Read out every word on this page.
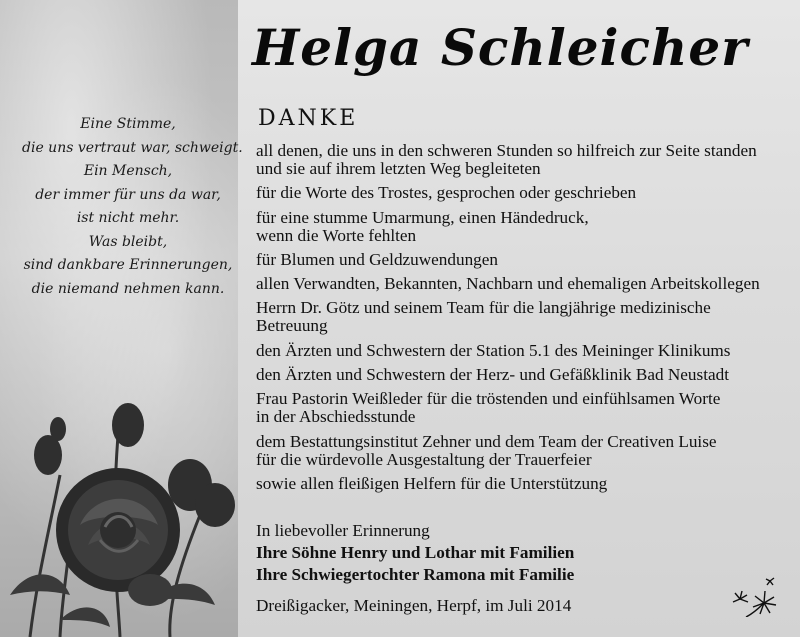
Eine Stimme,
die uns vertraut war, schweigt.
Ein Mensch,
der immer für uns da war,
ist nicht mehr.
Was bleibt,
sind dankbare Erinnerungen,
die niemand nehmen kann.
Helga Schleicher
DANKE
all denen, die uns in den schweren Stunden so hilfreich zur Seite standen
und sie auf ihrem letzten Weg begleiteten
für die Worte des Trostes, gesprochen oder geschrieben
für eine stumme Umarmung, einen Händedruck,
wenn die Worte fehlten
für Blumen und Geldzuwendungen
allen Verwandten, Bekannten, Nachbarn und ehemaligen Arbeitskollegen
Herrn Dr. Götz und seinem Team für die langjährige medizinische
Betreuung
den Ärzten und Schwestern der Station 5.1 des Meininger Klinikums
den Ärzten und Schwestern der Herz- und Gefäßklinik Bad Neustadt
Frau Pastorin Weißleder für die tröstenden und einfühlsamen Worte
in der Abschiedsstunde
dem Bestattungsinstitut Zehner und dem Team der Creativen Luise
für die würdevolle Ausgestaltung der Trauerfeier
sowie allen fleißigen Helfern für die Unterstützung
In liebevoller Erinnerung
Ihre Söhne Henry und Lothar mit Familien
Ihre Schwiegertochter Ramona mit Familie
Dreißigacker, Meiningen, Herpf, im Juli 2014
